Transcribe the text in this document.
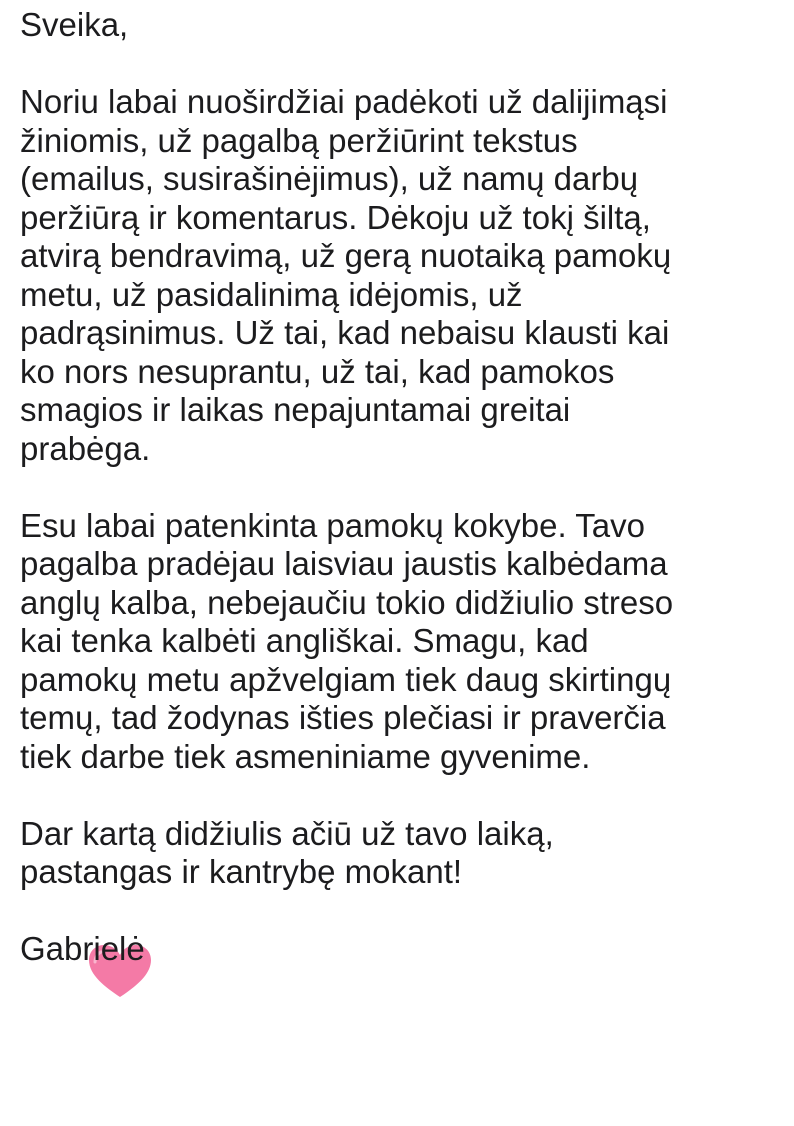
Sveika,
Noriu labai nuoširdžiai padėkoti už dalijimąsi
žiniomis, už pagalbą peržiūrint tekstus
(emailus, susirašinėjimus), už namų darbų
peržiūrą ir komentarus. Dėkoju už tokį šiltą,
atvirą bendravimą, už gerą nuotaiką pamokų
metu, už pasidalinimą idėjomis, už
padrąsinimus. Už tai, kad nebaisu klausti kai
ko nors nesuprantu, už tai, kad pamokos
smagios ir laikas nepajuntamai greitai
prabėga.
Esu labai patenkinta pamokų kokybe. Tavo
pagalba pradėjau laisviau jaustis kalbėdama
anglų kalba, nebejaučiu tokio didžiulio streso
kai tenka kalbėti angliškai. Smagu, kad
pamokų metu apžvelgiam tiek daug skirtingų
temų, tad žodynas išties plečiasi ir praverčia
tiek darbe tiek asmeniniame gyvenime.
Dar kartą didžiulis ačiū už tavo laiką,
pastangas ir kantrybę mokant!
Gabrielė
